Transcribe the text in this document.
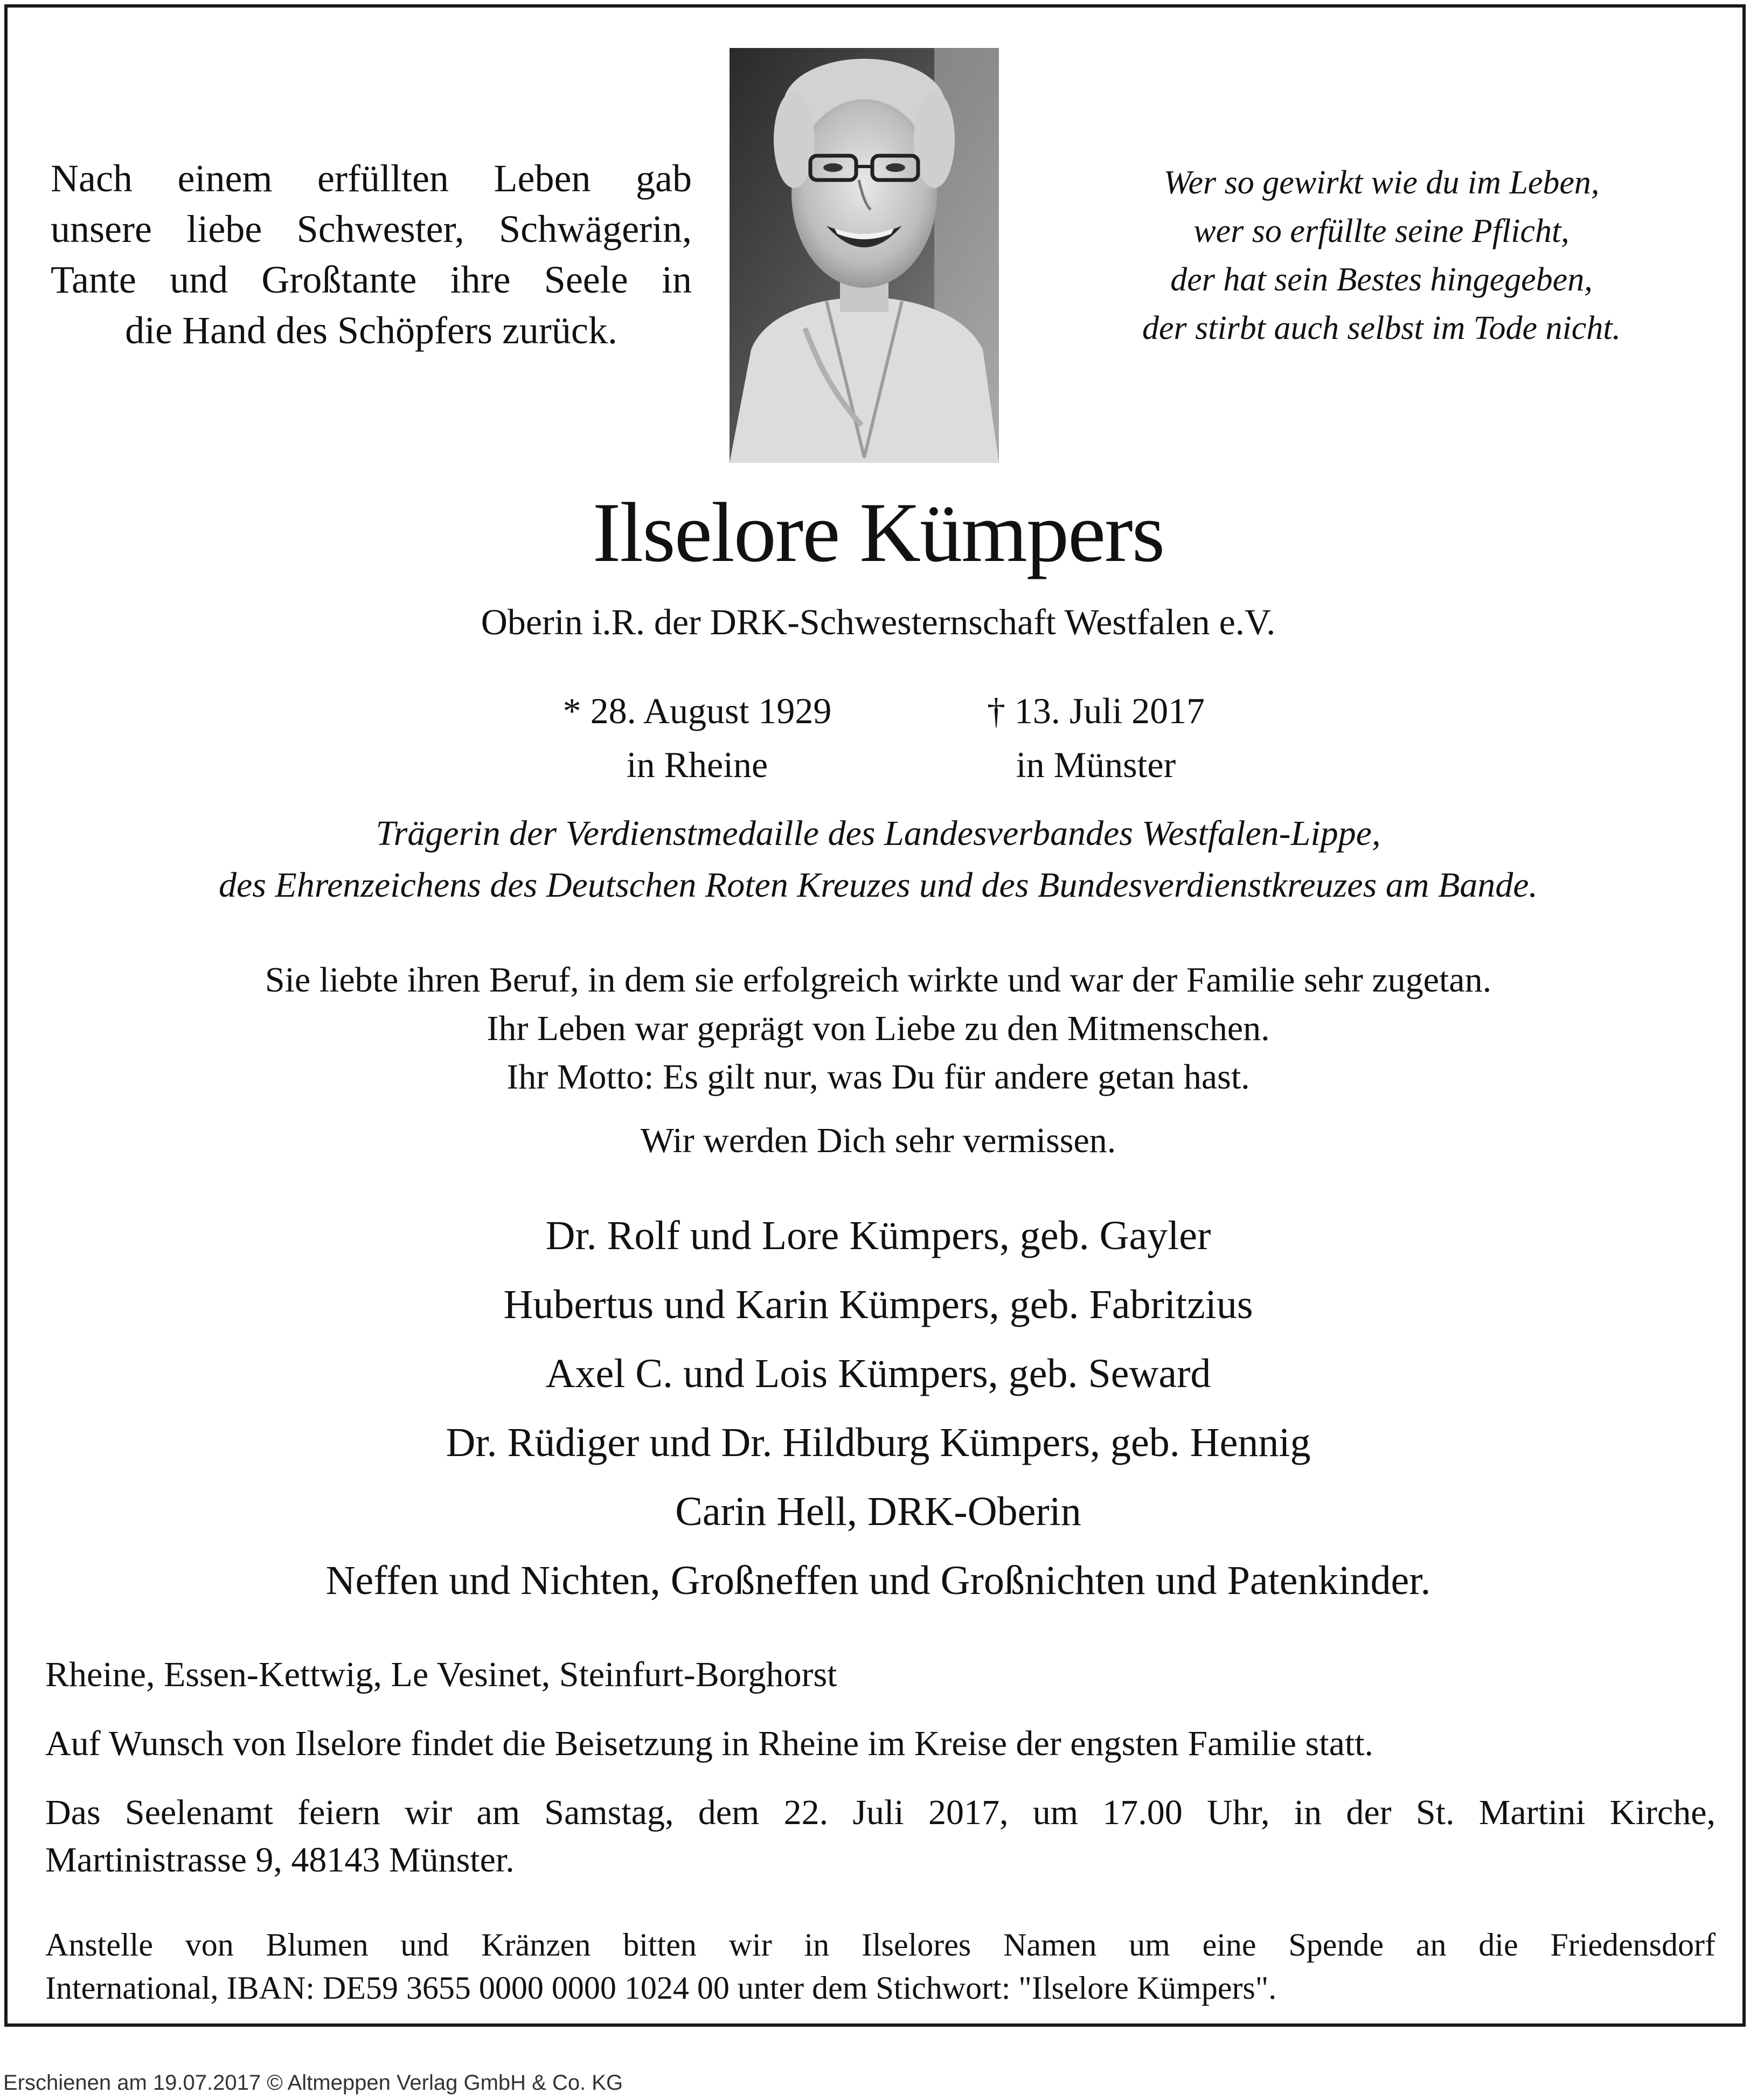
Nach einem erfüllten Leben gab
unsere liebe Schwester, Schwägerin,
Tante und Großtante ihre Seele in
die Hand des Schöpfers zurück.
Wer so gewirkt wie du im Leben,
wer so erfüllte seine Pflicht,
der hat sein Bestes hingegeben,
der stirbt auch selbst im Tode nicht.
Ilselore Kümpers
Oberin i.R. der DRK-Schwesternschaft Westfalen e.V.
* 28. August 1929
in Rheine
† 13. Juli 2017
in Münster
Trägerin der Verdienstmedaille des Landesverbandes Westfalen-Lippe,
des Ehrenzeichens des Deutschen Roten Kreuzes und des Bundesverdienstkreuzes am Bande.
Sie liebte ihren Beruf, in dem sie erfolgreich wirkte und war der Familie sehr zugetan.
Ihr Leben war geprägt von Liebe zu den Mitmenschen.
Ihr Motto: Es gilt nur, was Du für andere getan hast.
Wir werden Dich sehr vermissen.
Dr. Rolf und Lore Kümpers, geb. Gayler
Hubertus und Karin Kümpers, geb. Fabritzius
Axel C. und Lois Kümpers, geb. Seward
Dr. Rüdiger und Dr. Hildburg Kümpers, geb. Hennig
Carin Hell, DRK-Oberin
Neffen und Nichten, Großneffen und Großnichten und Patenkinder.
Rheine, Essen-Kettwig, Le Vesinet, Steinfurt-Borghorst
Auf Wunsch von Ilselore findet die Beisetzung in Rheine im Kreise der engsten Familie statt.
Das Seelenamt feiern wir am Samstag, dem 22. Juli 2017, um 17.00 Uhr, in der St. Martini Kirche,
Martinistrasse 9, 48143 Münster.
Anstelle von Blumen und Kränzen bitten wir in Ilselores Namen um eine Spende an die Friedensdorf
International, IBAN: DE59 3655 0000 0000 1024 00 unter dem Stichwort: "Ilselore Kümpers".
Erschienen am 19.07.2017 © Altmeppen Verlag GmbH & Co. KG
